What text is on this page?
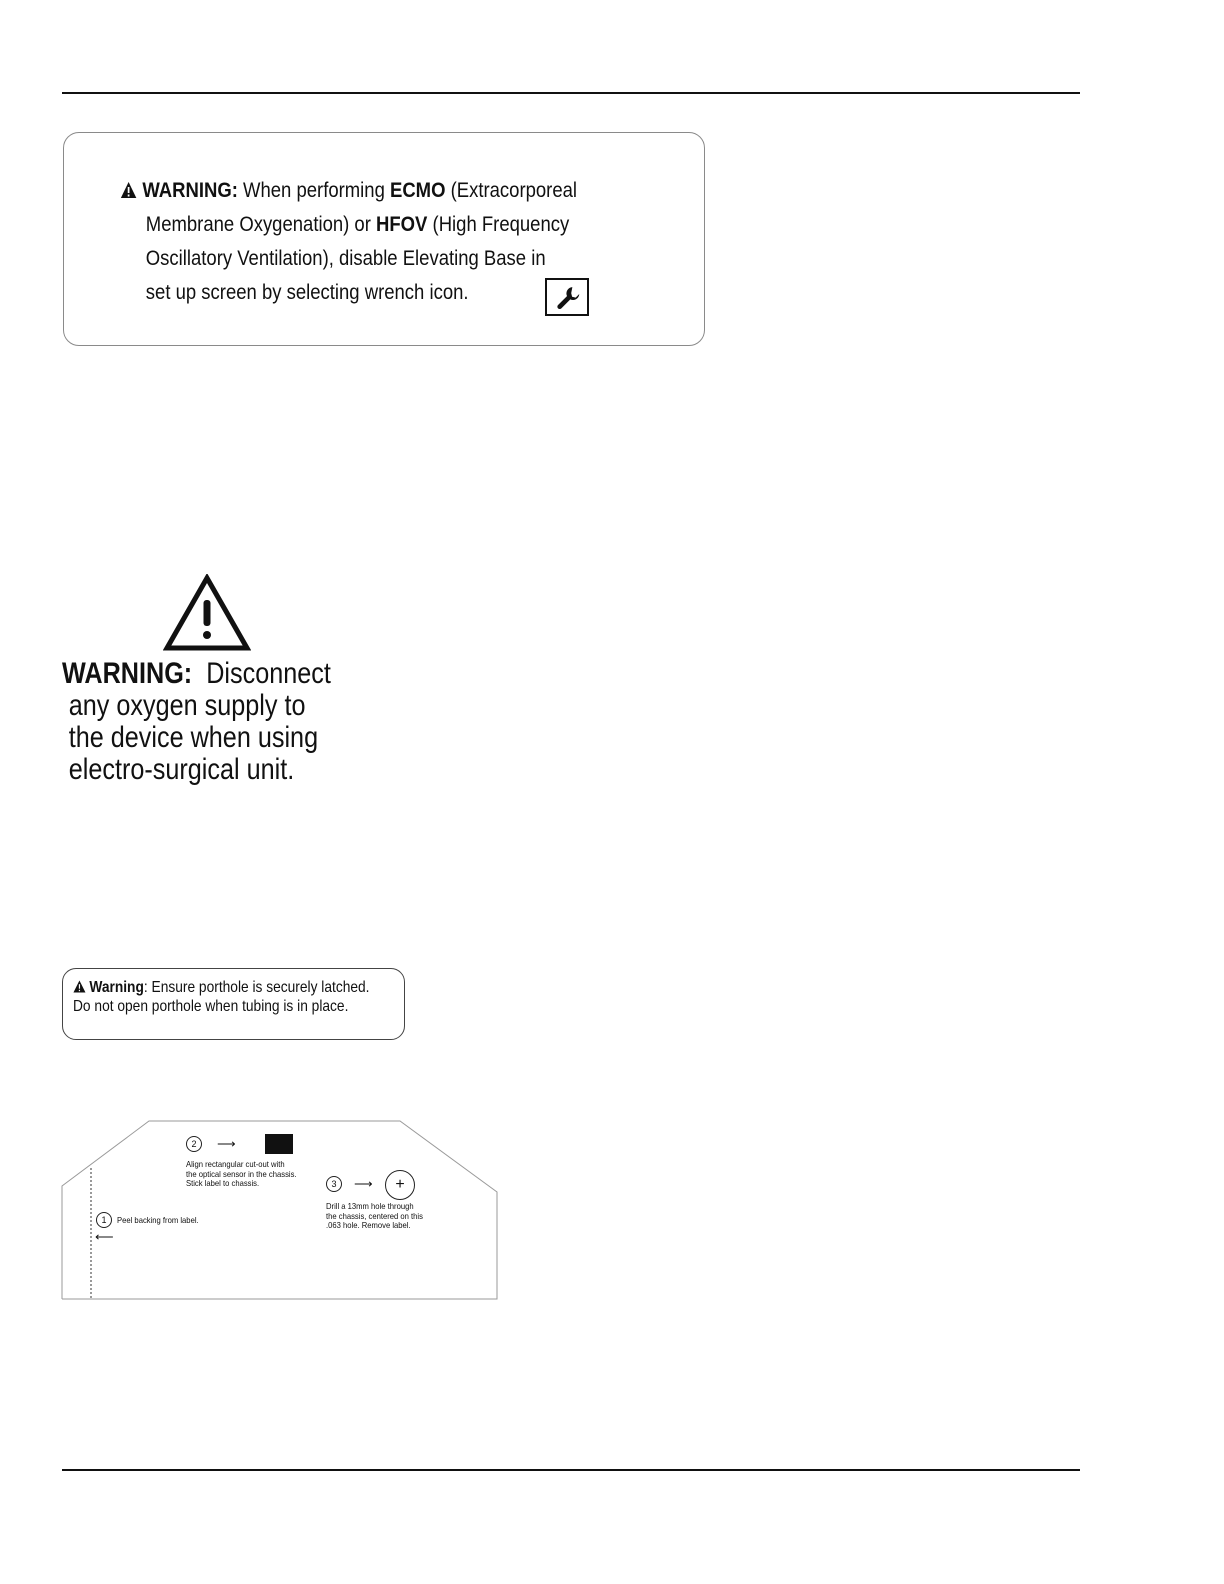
WARNING: When performing ECMO (Extracorporeal
Membrane Oxygenation) or HFOV (High Frequency
Oscillatory Ventilation), disable Elevating Base in
set up screen by selecting wrench icon.
WARNING: Disconnect
any oxygen supply to
the device when using
electro-surgical unit.
Warning: Ensure porthole is securely latched.
Do not open porthole when tubing is in place.
2	⟶
Align rectangular cut-out with
the optical sensor in the chassis.
Stick label to chassis.	3	⟶	+
Drill a 13mm hole through
the chassis, centered on this
.063 hole. Remove label.
1	Peel backing from label.
⟵
